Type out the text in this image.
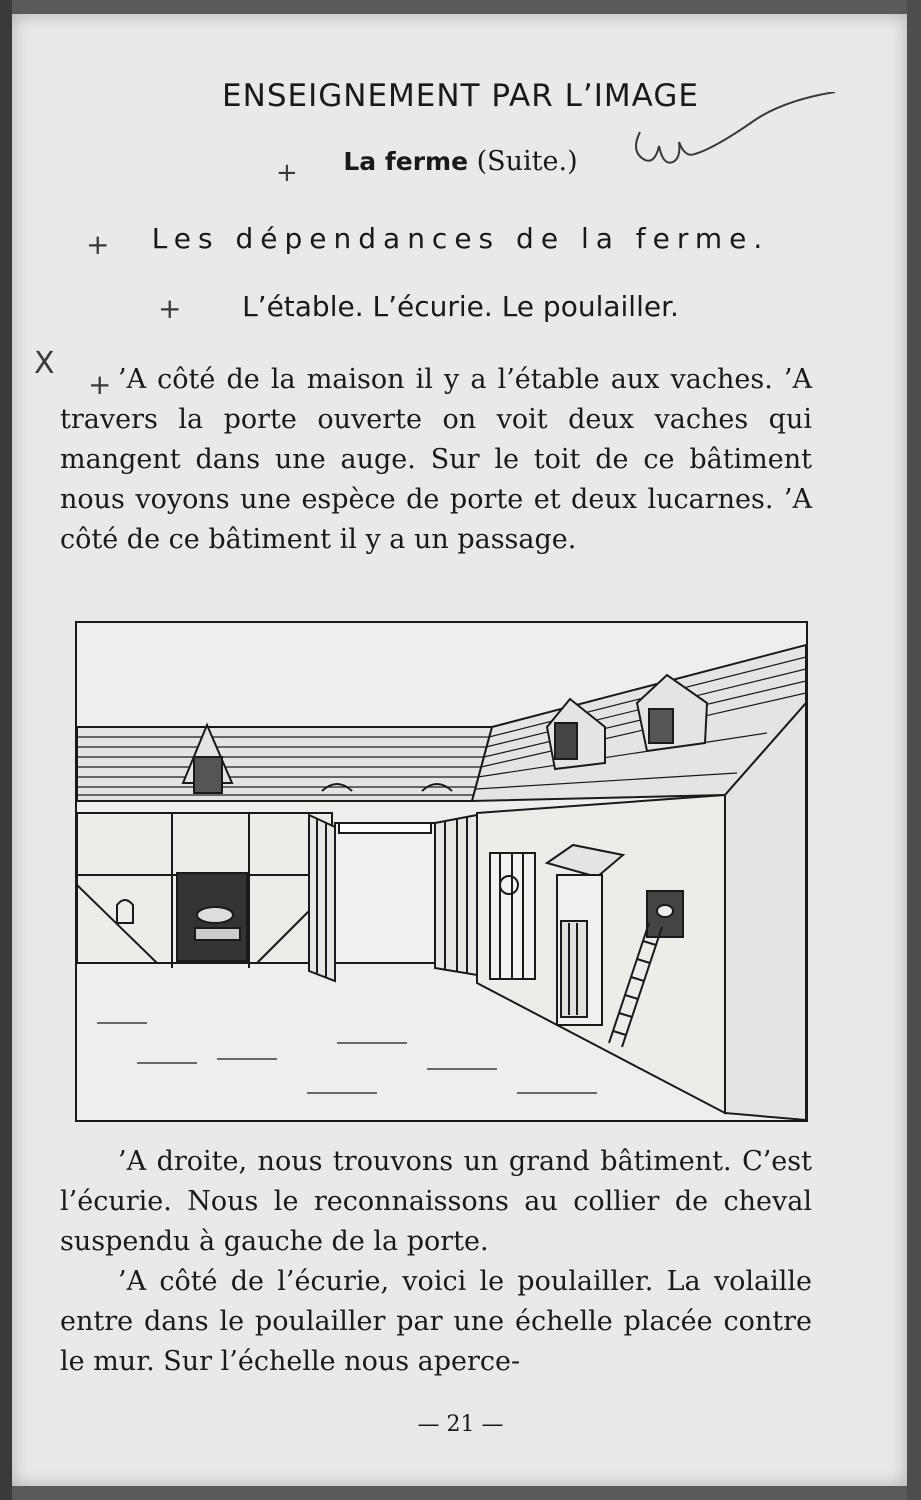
ENSEIGNEMENT PAR L’IMAGE
La ferme (Suite.)
Les dépendances de la ferme.
L’étable. L’écurie. Le poulailler.
’A côté de la maison il y a l’étable aux vaches. ’A travers la porte ouverte on voit deux vaches qui mangent dans une auge. Sur le toit de ce bâtiment nous voyons une espèce de porte et deux lucarnes. ’A côté de ce bâtiment il y a un passage.
’A droite, nous trouvons un grand bâtiment. C’est l’écurie. Nous le reconnaissons au collier de cheval suspendu à gauche de la porte.
’A côté de l’écurie, voici le poulailler. La volaille entre dans le poulailler par une échelle placée contre le mur. Sur l’échelle nous aperce-
— 21 —
+
+
+
X
+
